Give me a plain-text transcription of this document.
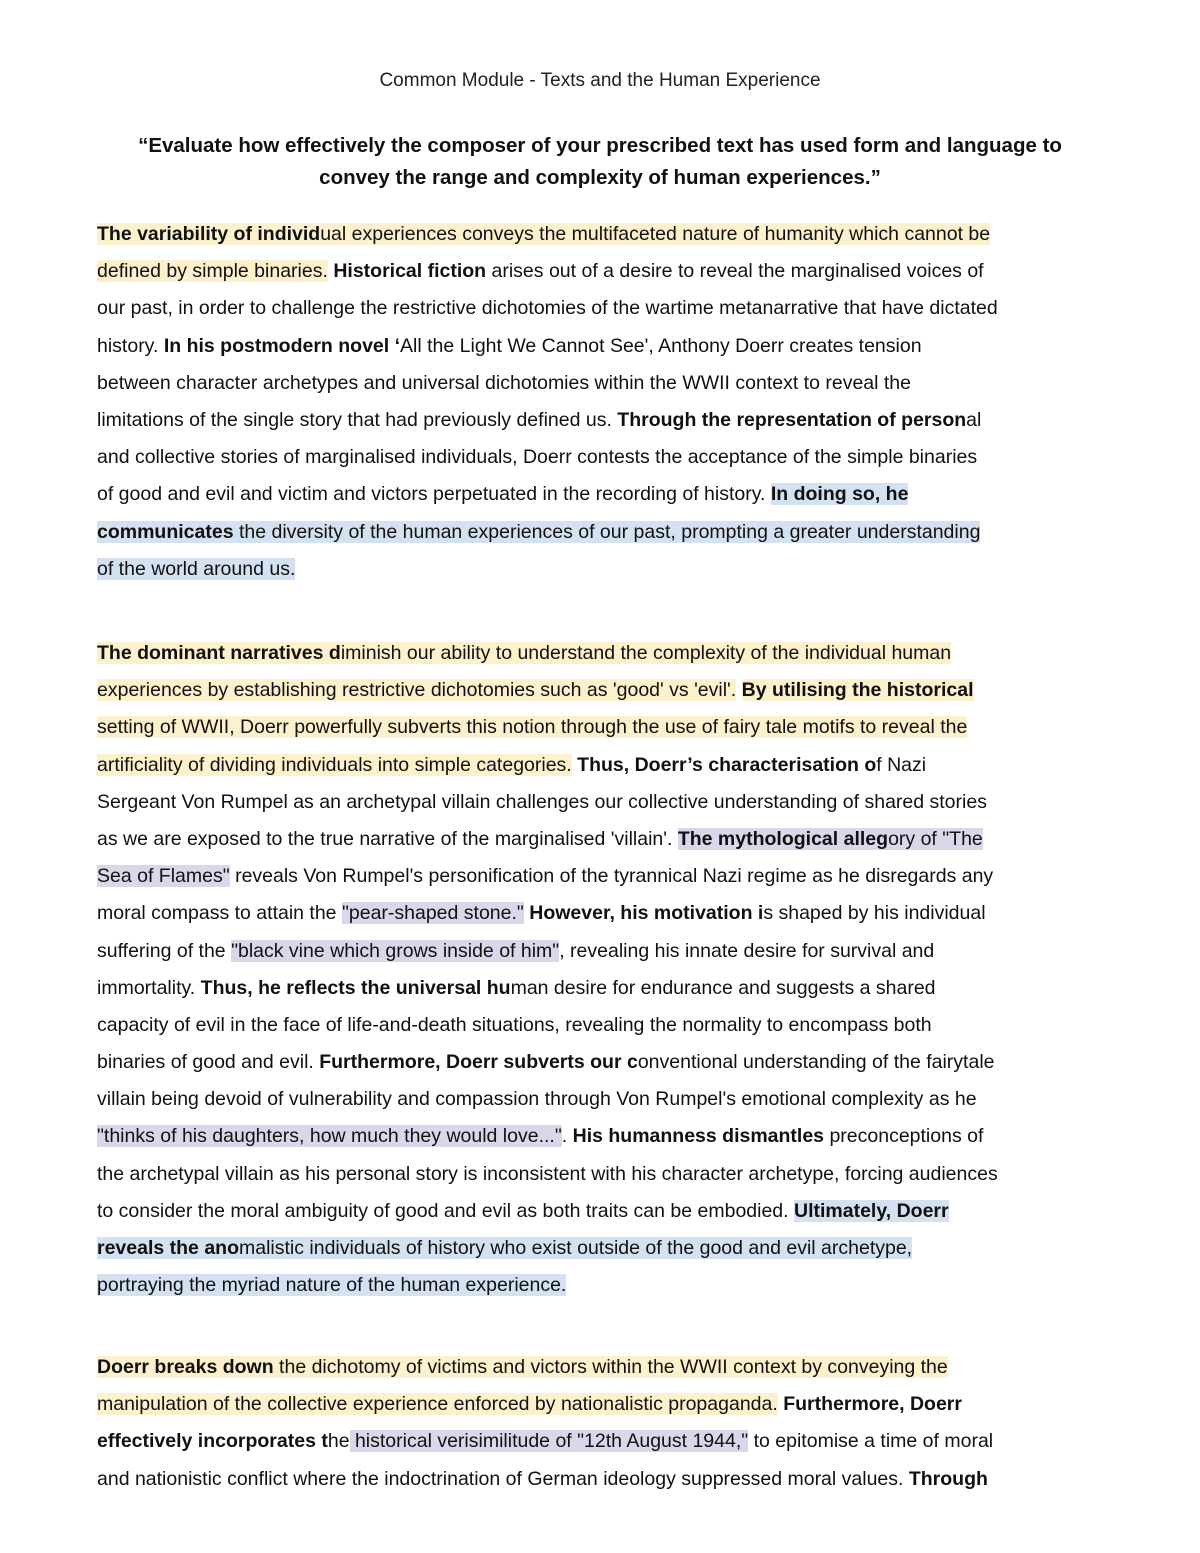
Common Module - Texts and the Human Experience
“Evaluate how effectively the composer of your prescribed text has used form and language to convey the range and complexity of human experiences.”
The variability of individual experiences conveys the multifaceted nature of humanity which cannot be
defined by simple binaries. Historical fiction arises out of a desire to reveal the marginalised voices of
our past, in order to challenge the restrictive dichotomies of the wartime metanarrative that have dictated
history. In his postmodern novel ‘All the Light We Cannot See', Anthony Doerr creates tension
between character archetypes and universal dichotomies within the WWII context to reveal the
limitations of the single story that had previously defined us. Through the representation of personal
and collective stories of marginalised individuals, Doerr contests the acceptance of the simple binaries
of good and evil and victim and victors perpetuated in the recording of history. In doing so, he
communicates the diversity of the human experiences of our past, prompting a greater understanding
of the world around us.
The dominant narratives diminish our ability to understand the complexity of the individual human
experiences by establishing restrictive dichotomies such as 'good' vs 'evil'. By utilising the historical
setting of WWII, Doerr powerfully subverts this notion through the use of fairy tale motifs to reveal the
artificiality of dividing individuals into simple categories. Thus, Doerr’s characterisation of Nazi
Sergeant Von Rumpel as an archetypal villain challenges our collective understanding of shared stories
as we are exposed to the true narrative of the marginalised 'villain'. The mythological allegory of "The
Sea of Flames" reveals Von Rumpel's personification of the tyrannical Nazi regime as he disregards any
moral compass to attain the "pear-shaped stone." However, his motivation is shaped by his individual
suffering of the "black vine which grows inside of him", revealing his innate desire for survival and
immortality. Thus, he reflects the universal human desire for endurance and suggests a shared
capacity of evil in the face of life-and-death situations, revealing the normality to encompass both
binaries of good and evil. Furthermore, Doerr subverts our conventional understanding of the fairytale
villain being devoid of vulnerability and compassion through Von Rumpel's emotional complexity as he
"thinks of his daughters, how much they would love...". His humanness dismantles preconceptions of
the archetypal villain as his personal story is inconsistent with his character archetype, forcing audiences
to consider the moral ambiguity of good and evil as both traits can be embodied. Ultimately, Doerr
reveals the anomalistic individuals of history who exist outside of the good and evil archetype,
portraying the myriad nature of the human experience.
Doerr breaks down the dichotomy of victims and victors within the WWII context by conveying the
manipulation of the collective experience enforced by nationalistic propaganda. Furthermore, Doerr
effectively incorporates the historical verisimilitude of "12th August 1944," to epitomise a time of moral
and nationistic conflict where the indoctrination of German ideology suppressed moral values. Through
